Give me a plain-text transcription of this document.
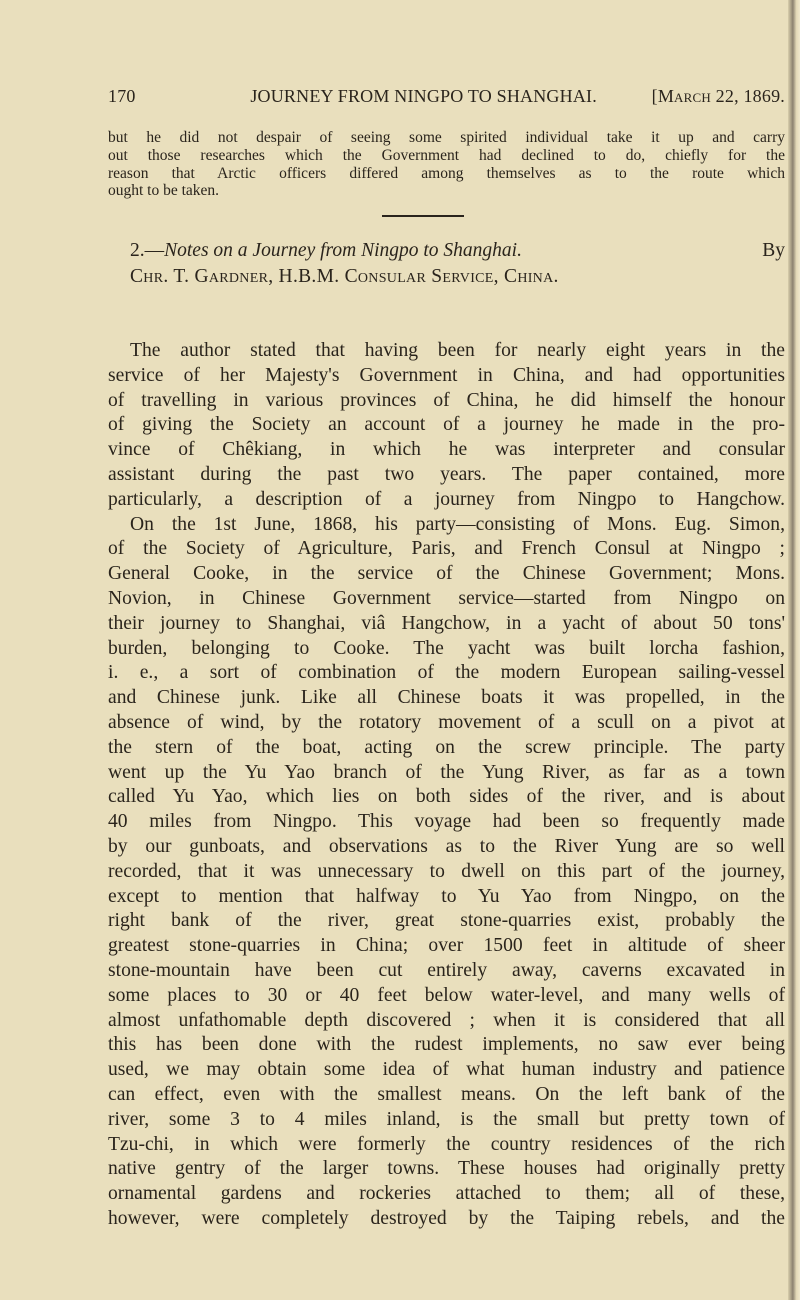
170	JOURNEY FROM NINGPO TO SHANGHAI.	[March 22, 1869.
but he did not despair of seeing some spirited individual take it up and carry
out those researches which the Government had declined to do, chiefly for the
reason that Arctic officers differed among themselves as to the route which
ought to be taken.
2.—Notes on a Journey from Ningpo to Shanghai.	By
Chr. T. Gardner, H.B.M. Consular Service, China.
The author stated that having been for nearly eight years in the
service of her Majesty's Government in China, and had opportunities
of travelling in various provinces of China, he did himself the honour
of giving the Society an account of a journey he made in the pro-
vince of Chêkiang, in which he was interpreter and consular
assistant during the past two years. The paper contained, more
particularly, a description of a journey from Ningpo to Hangchow.
On the 1st June, 1868, his party—consisting of Mons. Eug. Simon,
of the Society of Agriculture, Paris, and French Consul at Ningpo ;
General Cooke, in the service of the Chinese Government; Mons.
Novion, in Chinese Government service—started from Ningpo on
their journey to Shanghai, viâ Hangchow, in a yacht of about 50 tons'
burden, belonging to Cooke. The yacht was built lorcha fashion,
i. e., a sort of combination of the modern European sailing-vessel
and Chinese junk. Like all Chinese boats it was propelled, in the
absence of wind, by the rotatory movement of a scull on a pivot at
the stern of the boat, acting on the screw principle. The party
went up the Yu Yao branch of the Yung River, as far as a town
called Yu Yao, which lies on both sides of the river, and is about
40 miles from Ningpo. This voyage had been so frequently made
by our gunboats, and observations as to the River Yung are so well
recorded, that it was unnecessary to dwell on this part of the journey,
except to mention that halfway to Yu Yao from Ningpo, on the
right bank of the river, great stone-quarries exist, probably the
greatest stone-quarries in China; over 1500 feet in altitude of sheer
stone-mountain have been cut entirely away, caverns excavated in
some places to 30 or 40 feet below water-level, and many wells of
almost unfathomable depth discovered ; when it is considered that all
this has been done with the rudest implements, no saw ever being
used, we may obtain some idea of what human industry and patience
can effect, even with the smallest means. On the left bank of the
river, some 3 to 4 miles inland, is the small but pretty town of
Tzu-chi, in which were formerly the country residences of the rich
native gentry of the larger towns. These houses had originally pretty
ornamental gardens and rockeries attached to them; all of these,
however, were completely destroyed by the Taiping rebels, and the
